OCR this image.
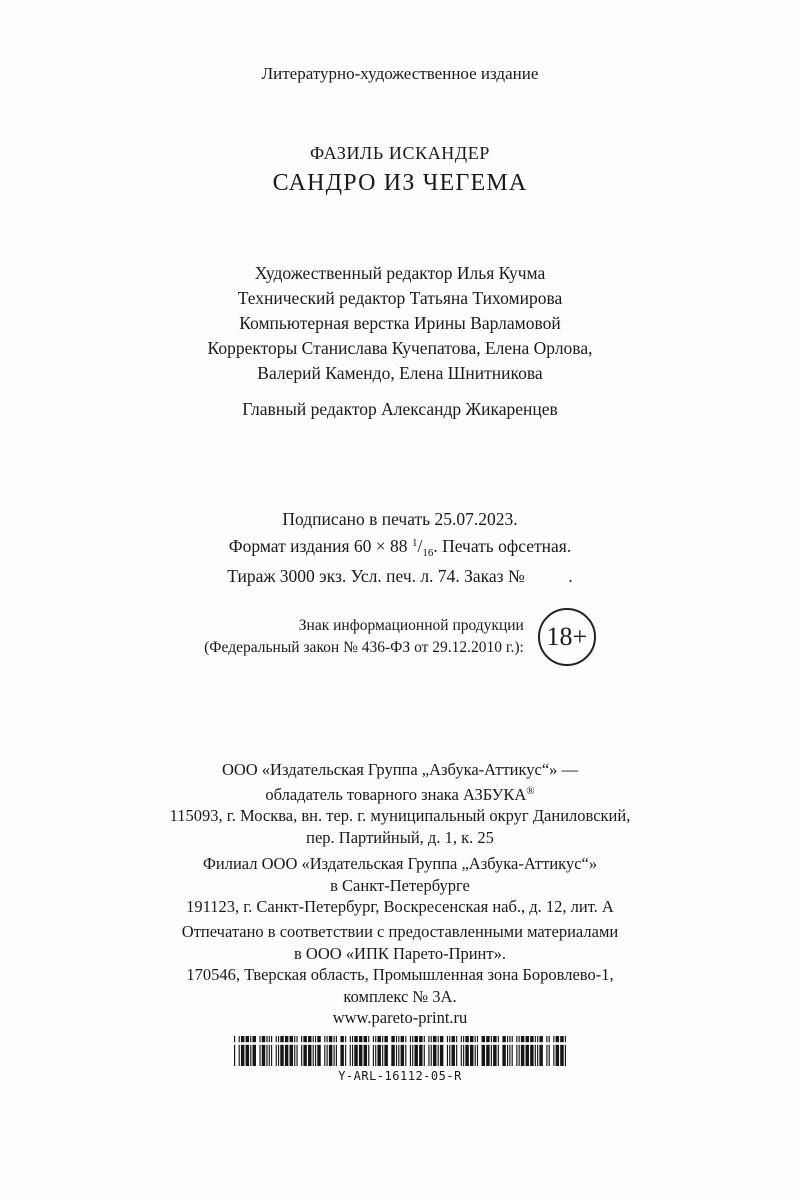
Литературно-художественное издание
ФАЗИЛЬ ИСКАНДЕР
САНДРО ИЗ ЧЕГЕМА
Художественный редактор Илья Кучма
Технический редактор Татьяна Тихомирова
Компьютерная верстка Ирины Варламовой
Корректоры Станислава Кучепатова, Елена Орлова,
Валерий Камендо, Елена Шнитникова
Главный редактор Александр Жикаренцев
Подписано в печать 25.07.2023.
Формат издания 60 × 88 $^1/_{16}$. Печать офсетная.
Тираж 3000 экз. Усл. печ. л. 74. Заказ №          .
Знак информационной продукции
(Федеральный закон № 436-ФЗ от 29.12.2010 г.): 18+
ООО «Издательская Группа „Азбука-Аттикус“» —
обладатель товарного знака АЗБУКА®
115093, г. Москва, вн. тер. г. муниципальный округ Даниловский,
пер. Партийный, д. 1, к. 25
Филиал ООО «Издательская Группа „Азбука-Аттикус“»
в Санкт-Петербурге
191123, г. Санкт-Петербург, Воскресенская наб., д. 12, лит. А
Отпечатано в соответствии с предоставленными материалами
в ООО «ИПК Парето-Принт».
170546, Тверская область, Промышленная зона Боровлево-1,
комплекс № 3А.
www.pareto-print.ru
Y-ARL-16112-05-R
